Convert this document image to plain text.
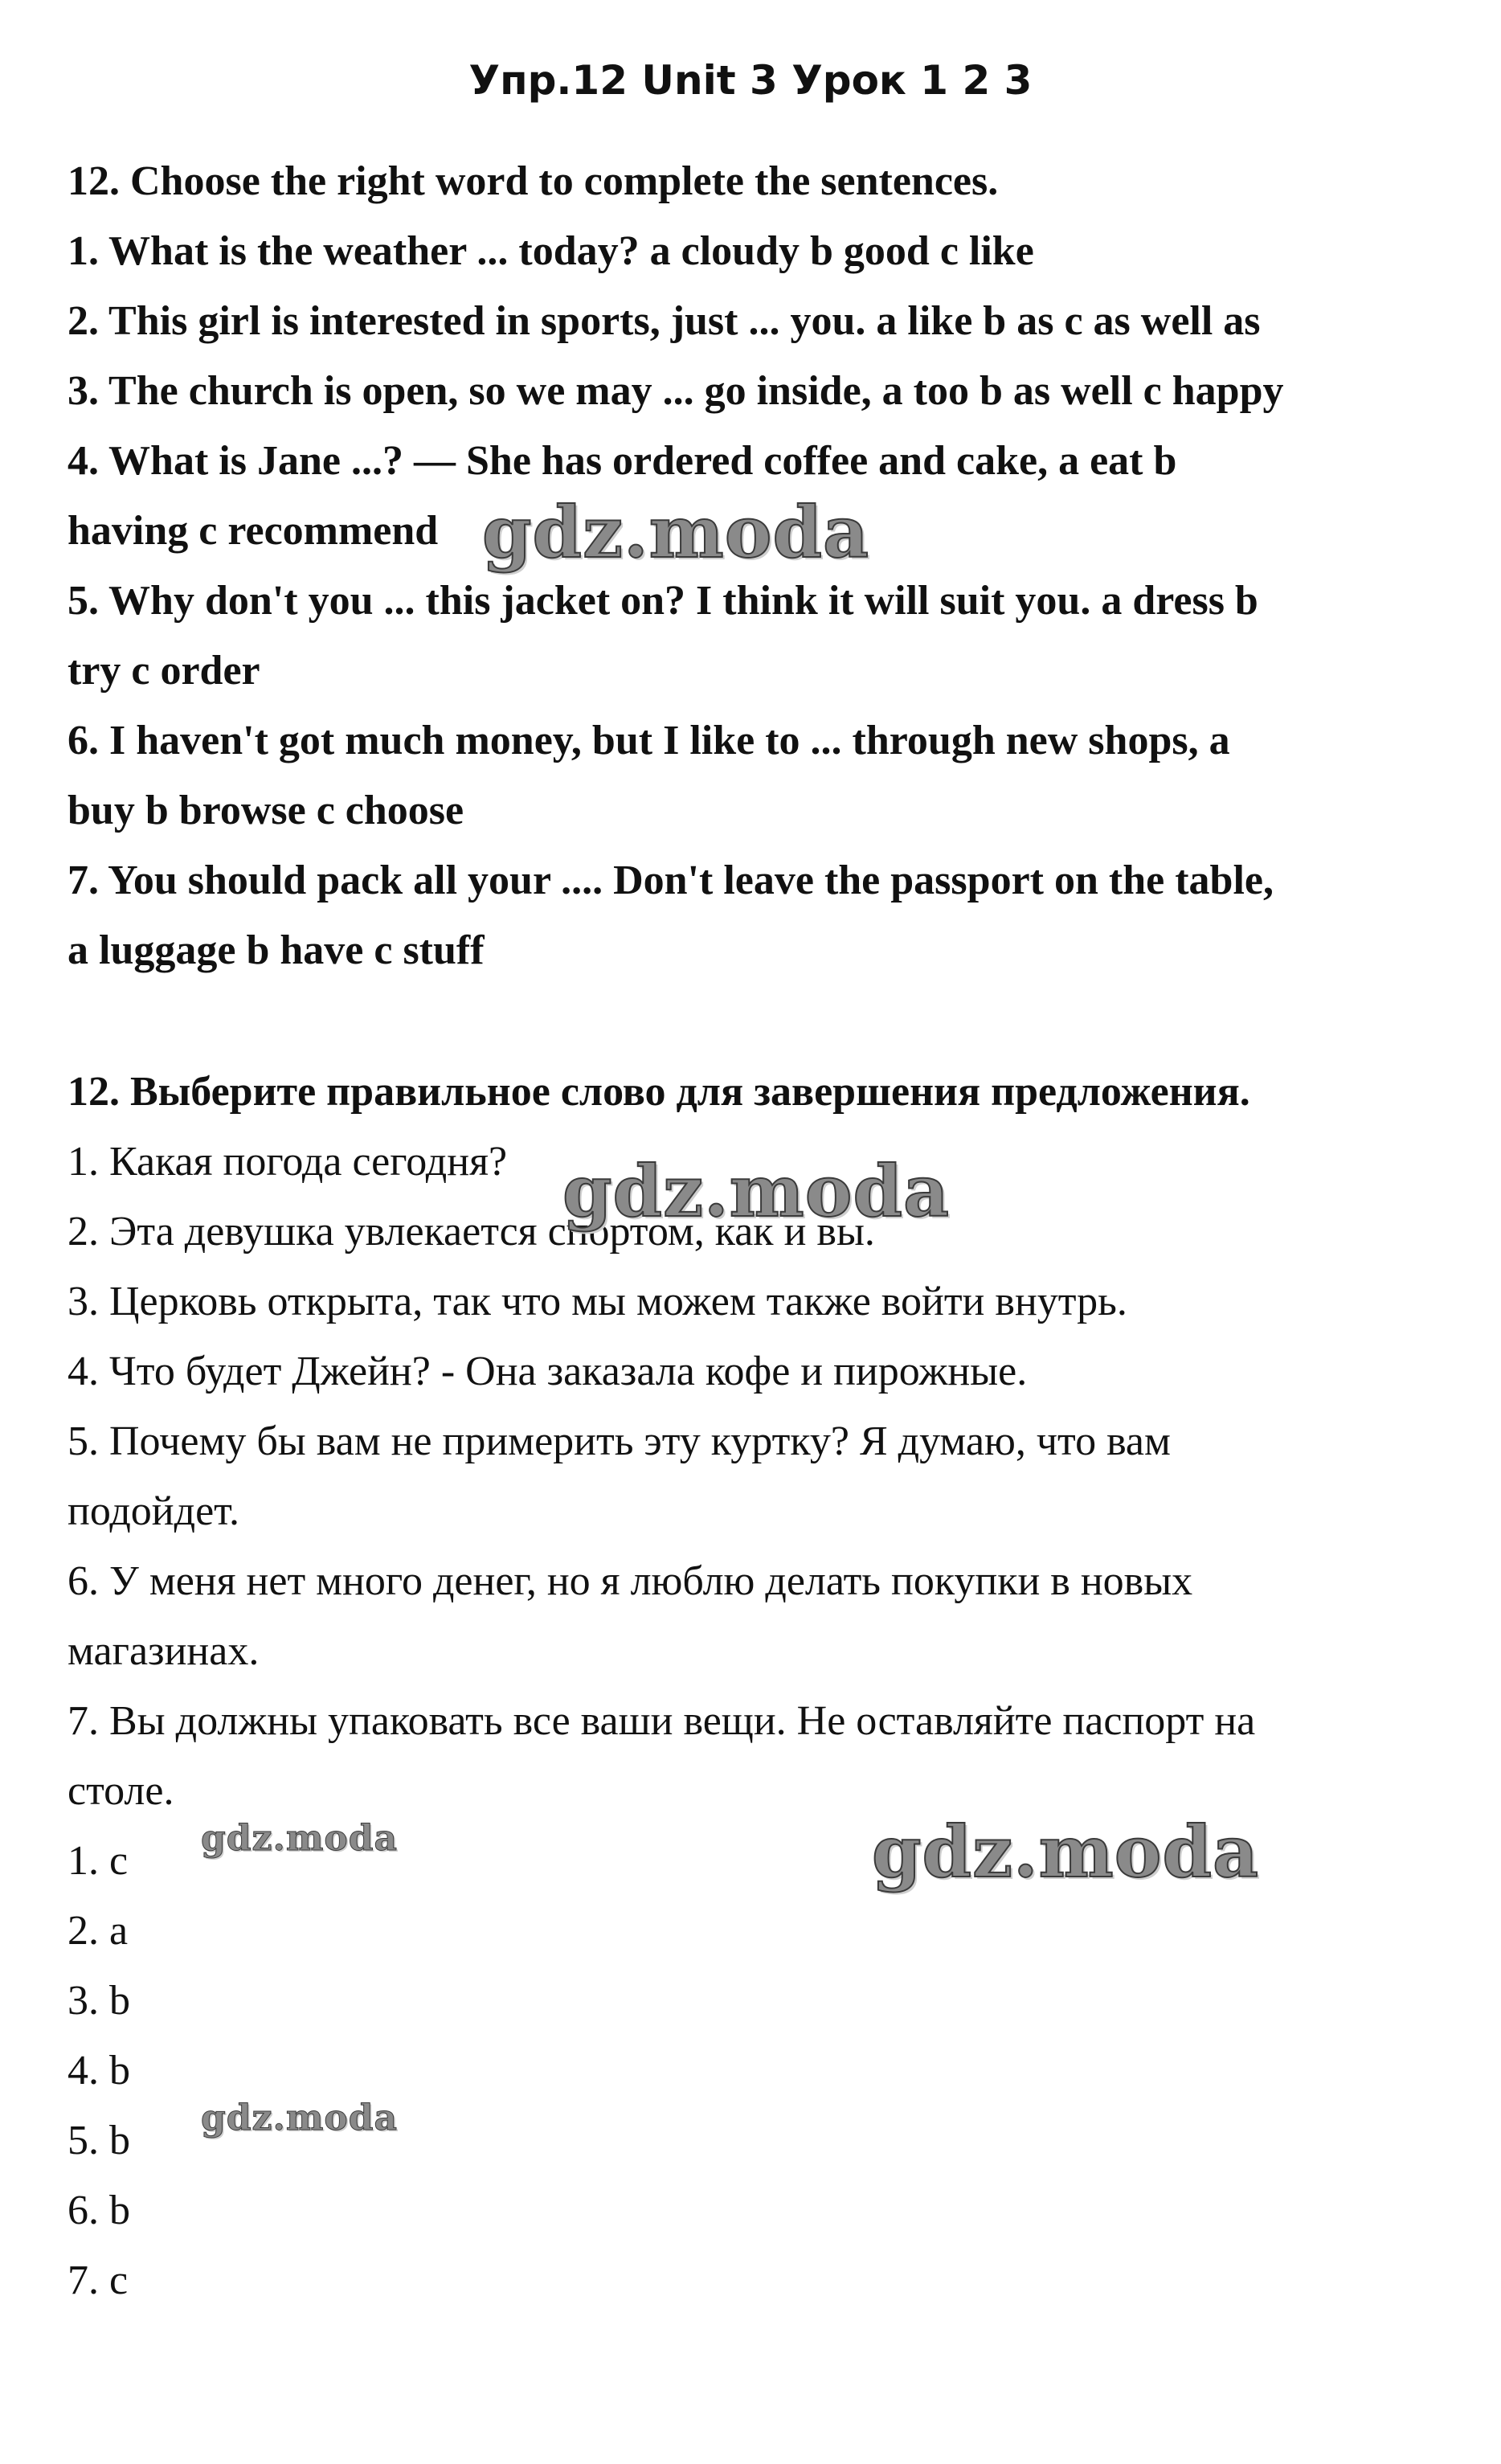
Упр.12 Unit 3 Урок 1 2 3

12. Choose the right word to complete the sentences.

1. What is the weather ... today? a cloudy b good c like

2. This girl is interested in sports, just ... you. a like b as c as well as

3. The church is open, so we may ... go inside, a too b as well c happy

4. What is Jane ...? — She has ordered coffee and cake, a eat b

having c recommend

5. Why don't you ... this jacket on? I think it will suit you. a dress b

try c order

6. I haven't got much money, but I like to ... through new shops, a

buy b browse c choose

7. You should pack all your .... Don't leave the passport on the table,

a luggage b have c stuff

12. Выберите правильное слово для завершения предложения.

1. Какая погода сегодня?

2. Эта девушка увлекается спортом, как и вы.

3. Церковь открыта, так что мы можем также войти внутрь.

4. Что будет Джейн? - Она заказала кофе и пирожные.

5. Почему бы вам не примерить эту куртку? Я думаю, что вам

подойдет.

6. У меня нет много денег, но я люблю делать покупки в новых

магазинах.

7. Вы должны упаковать все ваши вещи. Не оставляйте паспорт на

столе.

1. c

2. a

3. b

4. b

5. b

6. b

7. c

gdz.moda
gdz.moda
gdz.moda
gdz.moda
gdz.moda
